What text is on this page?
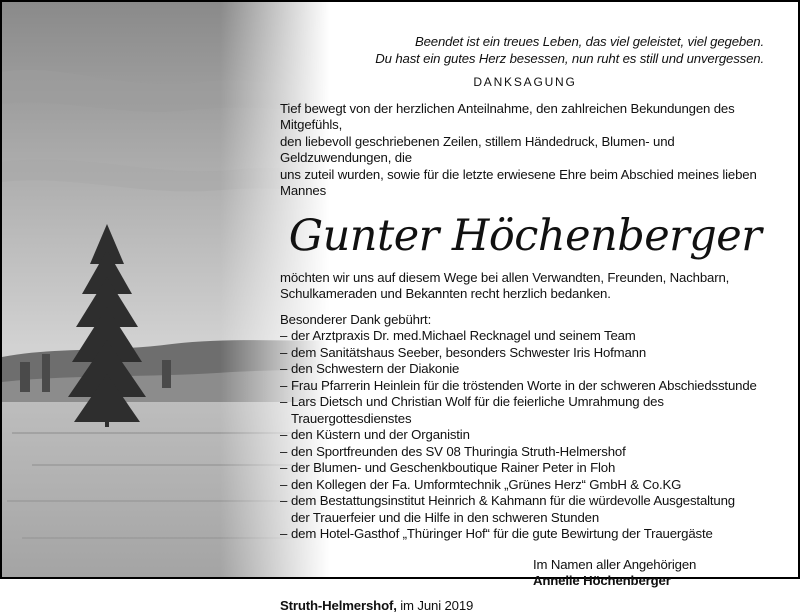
Beendet ist ein treues Leben, das viel geleistet, viel gegeben.
Du hast ein gutes Herz besessen, nun ruht es still und unvergessen.
DANKSAGUNG
Tief bewegt von der herzlichen Anteilnahme, den zahlreichen Bekundungen des Mitgefühls,
den liebevoll geschriebenen Zeilen, stillem Händedruck, Blumen- und Geldzuwendungen, die
uns zuteil wurden, sowie für die letzte erwiesene Ehre beim Abschied meines lieben Mannes
Gunter Höchenberger
möchten wir uns auf diesem Wege bei allen Verwandten, Freunden, Nachbarn,
Schulkameraden und Bekannten recht herzlich bedanken.
Besonderer Dank gebührt:
– der Arztpraxis Dr. med.Michael Recknagel und seinem Team
– dem Sanitätshaus Seeber, besonders Schwester Iris Hofmann
– den Schwestern der Diakonie
– Frau Pfarrerin Heinlein für die tröstenden Worte in der schweren Abschiedsstunde
– Lars Dietsch und Christian Wolf für die feierliche Umrahmung des Trauergottesdienstes
– den Küstern und der Organistin
– den Sportfreunden des SV 08 Thuringia Struth-Helmershof
– der Blumen- und Geschenkboutique Rainer Peter in Floh
– den Kollegen der Fa. Umformtechnik „Grünes Herz“ GmbH & Co.KG
– dem Bestattungsinstitut Heinrich & Kahmann für die würdevolle Ausgestaltung
der Trauerfeier und die Hilfe in den schweren Stunden
– dem Hotel-Gasthof „Thüringer Hof“ für die gute Bewirtung der Trauergäste
Im Namen aller Angehörigen
Annelie Höchenberger
Struth-Helmershof, im Juni 2019
